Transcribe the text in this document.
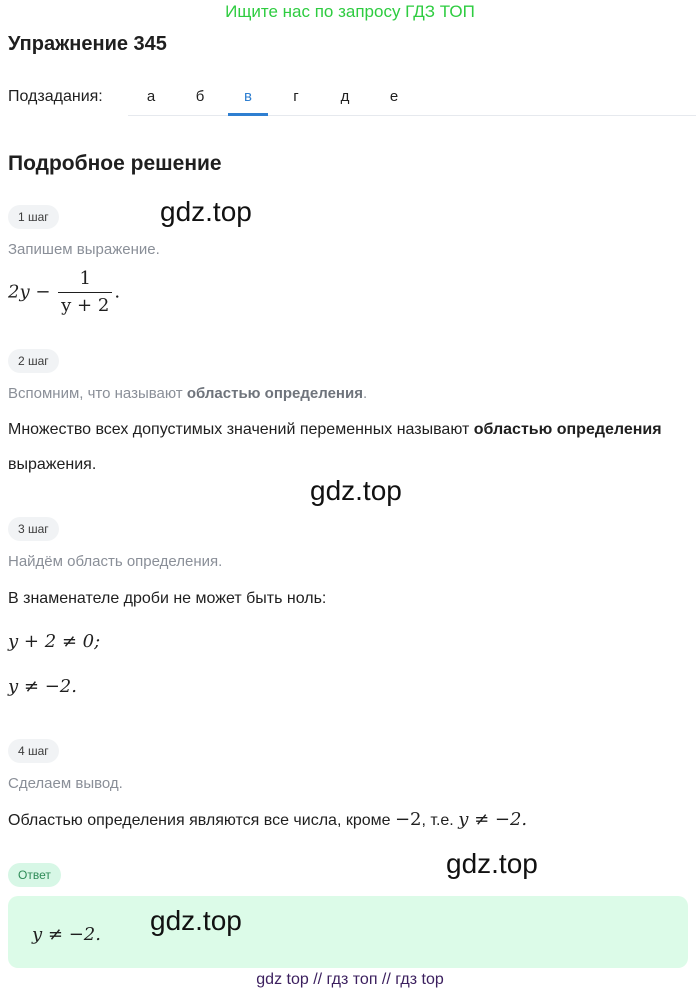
Ищите нас по запросу ГДЗ ТОП
Упражнение 345
Подзадания:	а	б	в	г	д	е
Подробное решение
1 шаг
Запишем выражение.
$2y - \frac{1}{y + 2}$ .
2 шаг
Вспомним, что называют областью определения.
Множество всех допустимых значений переменных называют областью определения выражения.
3 шаг
Найдём область определения.
В знаменателе дроби не может быть ноль:
y + 2 ≠ 0;
y ≠ −2.
4 шаг
Сделаем вывод.
Областью определения являются все числа, кроме −2, т.е. y ≠ −2.
Ответ
y ≠ −2.
gdz.top
gdz.top
gdz.top
gdz.top
gdz top // гдз топ // гдз top
